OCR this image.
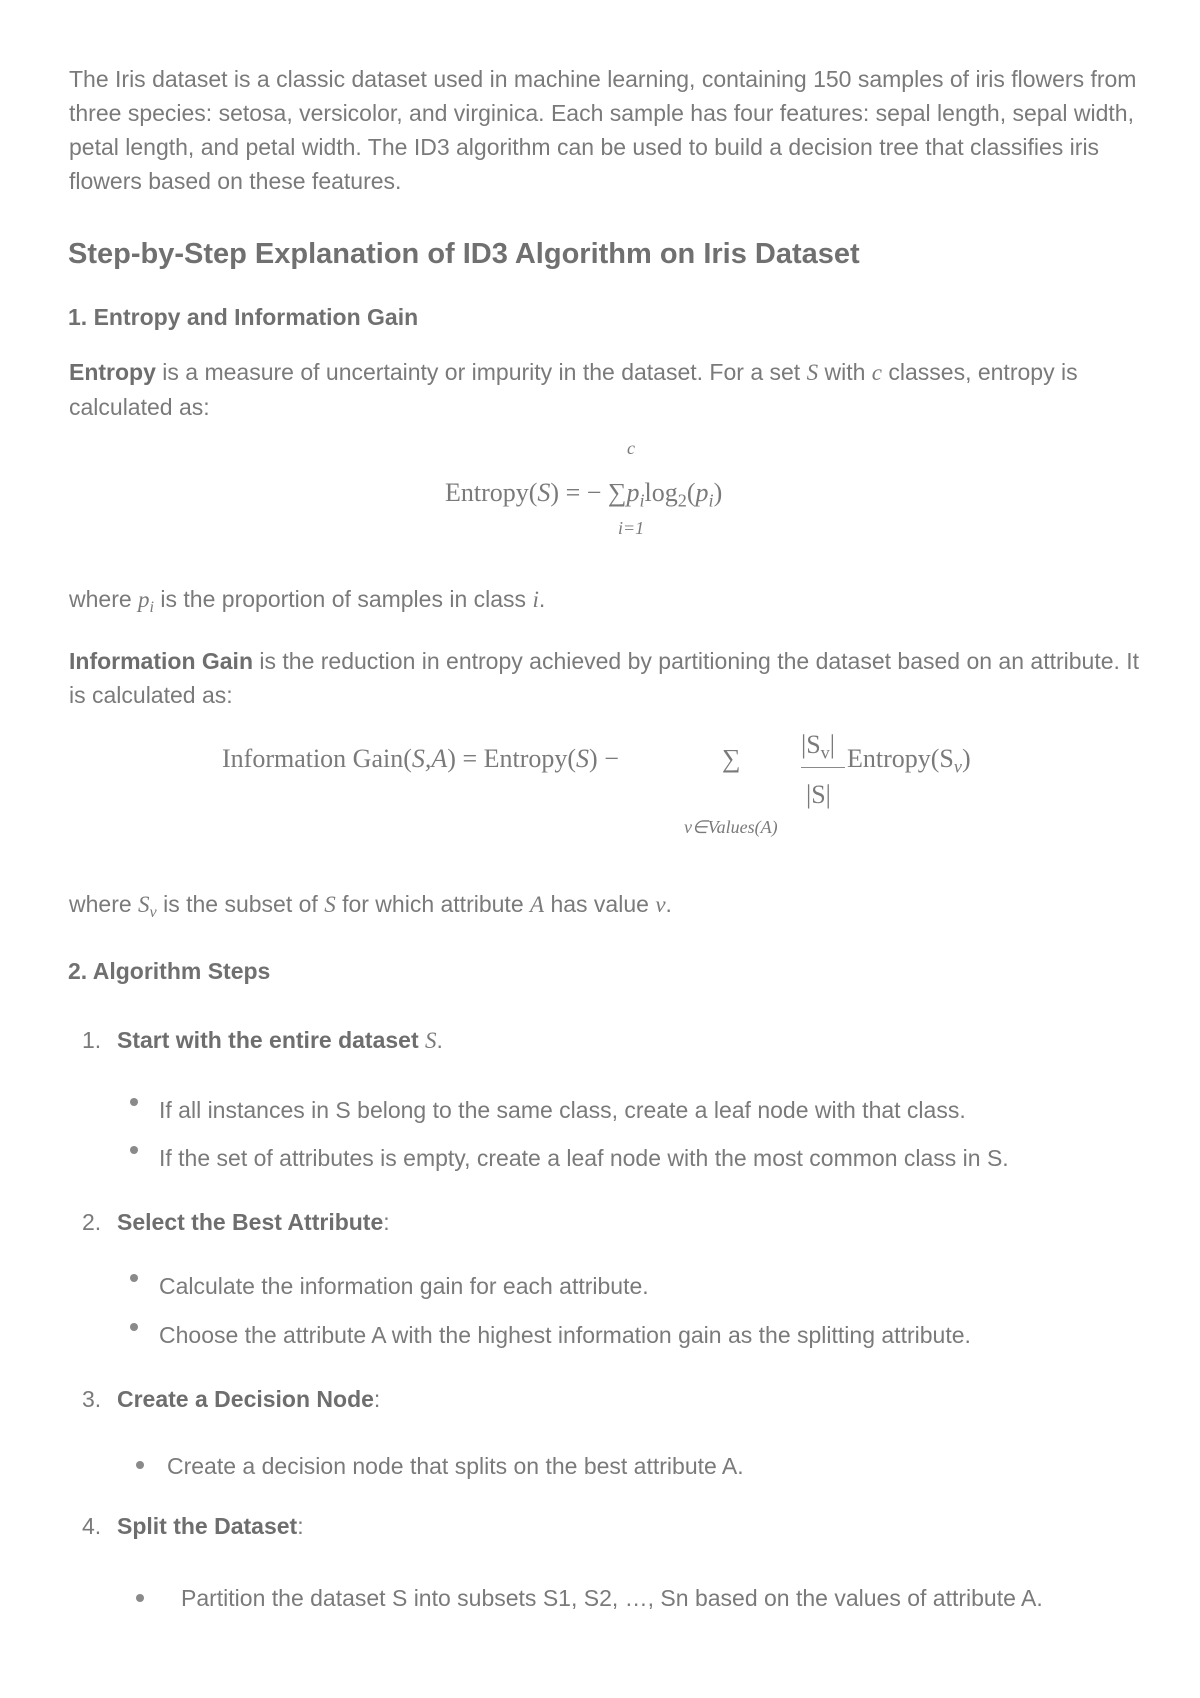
The Iris dataset is a classic dataset used in machine learning, containing 150 samples of iris flowers from three species: setosa, versicolor, and virginica. Each sample has four features: sepal length, sepal width, petal length, and petal width. The ID3 algorithm can be used to build a decision tree that classifies iris flowers based on these features.

Step-by-Step Explanation of ID3 Algorithm on Iris Dataset
1. Entropy and Information Gain

Entropy is a measure of uncertainty or impurity in the dataset. For a set S with c classes, entropy is calculated as:

c
Entropy(S) = − $\sum p_i\log_2(p_i)$
i=1

where $p_i$ is the proportion of samples in class i.

Information Gain is the reduction in entropy achieved by partitioning the dataset based on an attribute. It is calculated as:

Information Gain(S,A) = Entropy(S) −	∑ $|S_v|$
|S|
$Entropy(S_v)$
v∈Values(A)

where $S_v$ is the subset of S for which attribute A has value v.

2. Algorithm Steps
1. Start with the entire dataset S.
If all instances in S belong to the same class, create a leaf node with that class.
If the set of attributes is empty, create a leaf node with the most common class in S.
2. Select the Best Attribute:
Calculate the information gain for each attribute.
Choose the attribute A with the highest information gain as the splitting attribute.
3. Create a Decision Node:
Create a decision node that splits on the best attribute A.
4. Split the Dataset:
Partition the dataset S into subsets S1, S2, …, Sn based on the values of attribute A.
